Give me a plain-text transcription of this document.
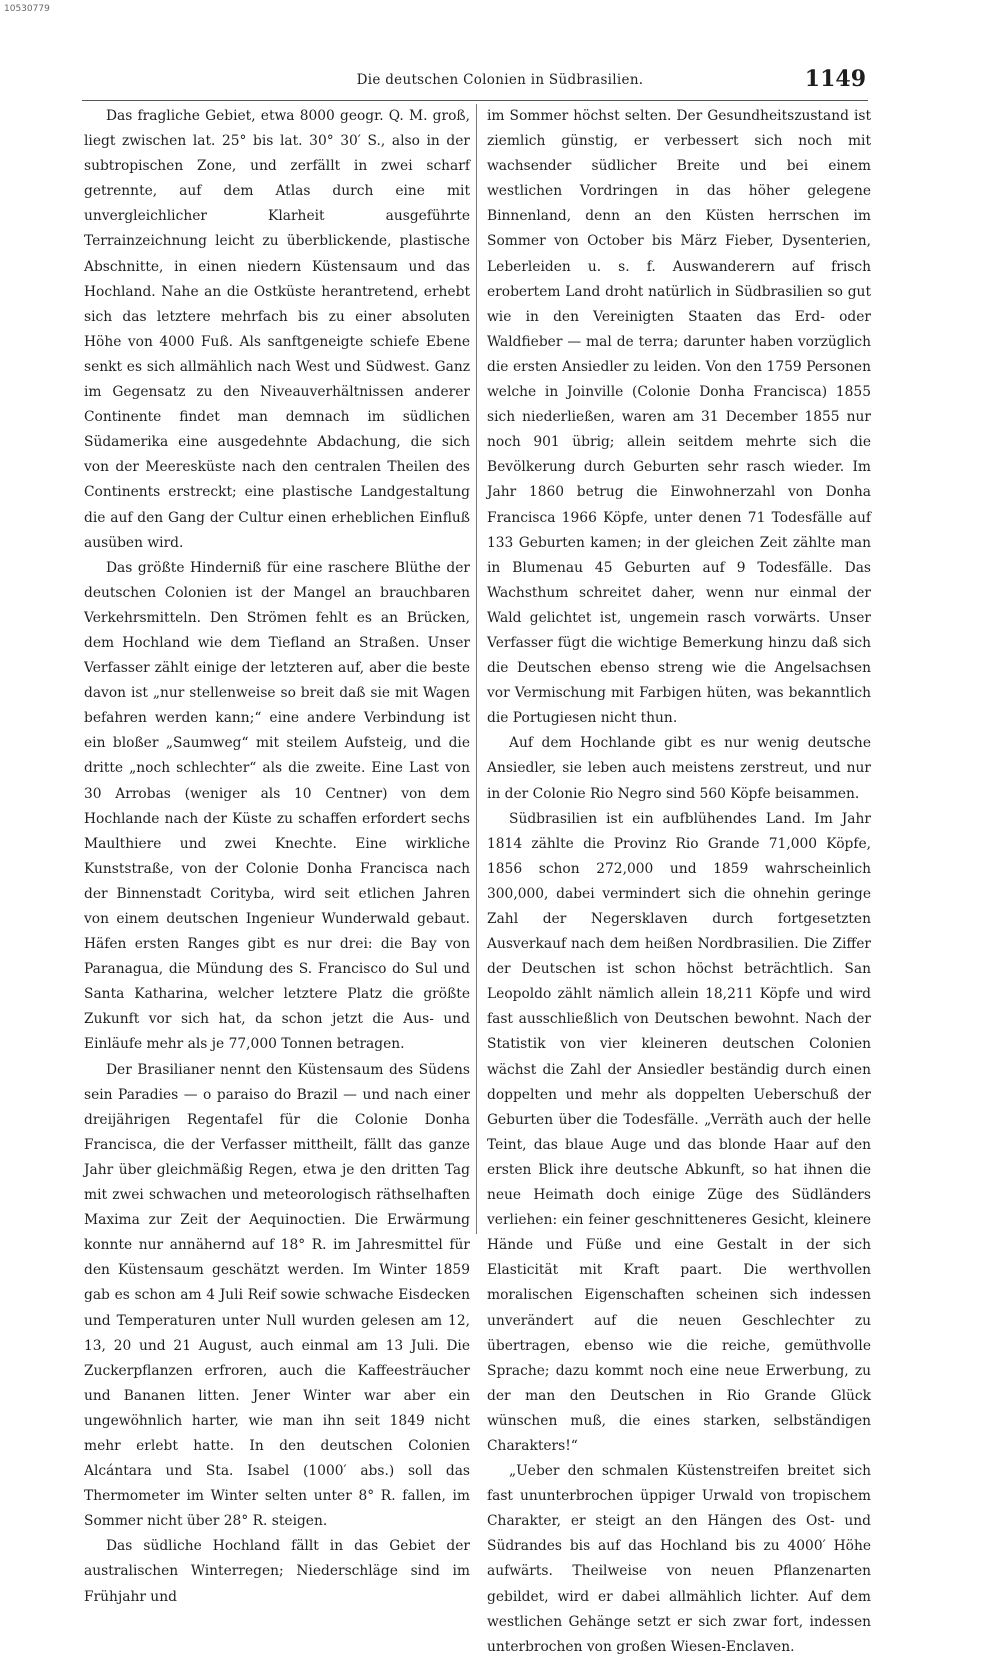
10530779
Die deutschen Colonien in Südbrasilien.	1149

Das fragliche Gebiet, etwa 8000 geogr. Q. M. groß, liegt zwischen lat. 25° bis lat. 30° 30′ S., also in der subtropischen Zone, und zerfällt in zwei scharf getrennte, auf dem Atlas durch eine mit unvergleichlicher Klarheit ausgeführte Terrainzeichnung leicht zu überblickende, plastische Abschnitte, in einen niedern Küstensaum und das Hochland. Nahe an die Ostküste herantretend, erhebt sich das letztere mehrfach bis zu einer absoluten Höhe von 4000 Fuß. Als sanftgeneigte schiefe Ebene senkt es sich allmählich nach West und Südwest. Ganz im Gegensatz zu den Niveauverhältnissen anderer Continente findet man demnach im südlichen Südamerika eine ausgedehnte Abdachung, die sich von der Meeresküste nach den centralen Theilen des Continents erstreckt; eine plastische Landgestaltung die auf den Gang der Cultur einen erheblichen Einfluß ausüben wird.

Das größte Hinderniß für eine raschere Blüthe der deutschen Colonien ist der Mangel an brauchbaren Verkehrsmitteln. Den Strömen fehlt es an Brücken, dem Hochland wie dem Tiefland an Straßen. Unser Verfasser zählt einige der letzteren auf, aber die beste davon ist „nur stellenweise so breit daß sie mit Wagen befahren werden kann;“ eine andere Verbindung ist ein bloßer „Saumweg“ mit steilem Aufsteig, und die dritte „noch schlechter“ als die zweite. Eine Last von 30 Arrobas (weniger als 10 Centner) von dem Hochlande nach der Küste zu schaffen erfordert sechs Maulthiere und zwei Knechte. Eine wirkliche Kunststraße, von der Colonie Donha Francisca nach der Binnenstadt Corityba, wird seit etlichen Jahren von einem deutschen Ingenieur Wunderwald gebaut. Häfen ersten Ranges gibt es nur drei: die Bay von Paranagua, die Mündung des S. Francisco do Sul und Santa Katharina, welcher letztere Platz die größte Zukunft vor sich hat, da schon jetzt die Aus- und Einläufe mehr als je 77,000 Tonnen betragen.

Der Brasilianer nennt den Küstensaum des Südens sein Paradies — o paraiso do Brazil — und nach einer dreijährigen Regentafel für die Colonie Donha Francisca, die der Verfasser mittheilt, fällt das ganze Jahr über gleichmäßig Regen, etwa je den dritten Tag mit zwei schwachen und meteorologisch räthselhaften Maxima zur Zeit der Aequinoctien. Die Erwärmung konnte nur annähernd auf 18° R. im Jahresmittel für den Küstensaum geschätzt werden. Im Winter 1859 gab es schon am 4 Juli Reif sowie schwache Eisdecken und Temperaturen unter Null wurden gelesen am 12, 13, 20 und 21 August, auch einmal am 13 Juli. Die Zuckerpflanzen erfroren, auch die Kaffeesträucher und Bananen litten. Jener Winter war aber ein ungewöhnlich harter, wie man ihn seit 1849 nicht mehr erlebt hatte. In den deutschen Colonien Alcántara und Sta. Isabel (1000′ abs.) soll das Thermometer im Winter selten unter 8° R. fallen, im Sommer nicht über 28° R. steigen.

Das südliche Hochland fällt in das Gebiet der australischen Winterregen; Niederschläge sind im Frühjahr und

im Sommer höchst selten. Der Gesundheitszustand ist ziemlich günstig, er verbessert sich noch mit wachsender südlicher Breite und bei einem westlichen Vordringen in das höher gelegene Binnenland, denn an den Küsten herrschen im Sommer von October bis März Fieber, Dysenterien, Leberleiden u. s. f. Auswanderern auf frisch erobertem Land droht natürlich in Südbrasilien so gut wie in den Vereinigten Staaten das Erd- oder Waldfieber — mal de terra; darunter haben vorzüglich die ersten Ansiedler zu leiden. Von den 1759 Personen welche in Joinville (Colonie Donha Francisca) 1855 sich niederließen, waren am 31 December 1855 nur noch 901 übrig; allein seitdem mehrte sich die Bevölkerung durch Geburten sehr rasch wieder. Im Jahr 1860 betrug die Einwohnerzahl von Donha Francisca 1966 Köpfe, unter denen 71 Todesfälle auf 133 Geburten kamen; in der gleichen Zeit zählte man in Blumenau 45 Geburten auf 9 Todesfälle. Das Wachsthum schreitet daher, wenn nur einmal der Wald gelichtet ist, ungemein rasch vorwärts. Unser Verfasser fügt die wichtige Bemerkung hinzu daß sich die Deutschen ebenso streng wie die Angelsachsen vor Vermischung mit Farbigen hüten, was bekanntlich die Portugiesen nicht thun.

Auf dem Hochlande gibt es nur wenig deutsche Ansiedler, sie leben auch meistens zerstreut, und nur in der Colonie Rio Negro sind 560 Köpfe beisammen.

Südbrasilien ist ein aufblühendes Land. Im Jahr 1814 zählte die Provinz Rio Grande 71,000 Köpfe, 1856 schon 272,000 und 1859 wahrscheinlich 300,000, dabei vermindert sich die ohnehin geringe Zahl der Negersklaven durch fortgesetzten Ausverkauf nach dem heißen Nordbrasilien. Die Ziffer der Deutschen ist schon höchst beträchtlich. San Leopoldo zählt nämlich allein 18,211 Köpfe und wird fast ausschließlich von Deutschen bewohnt. Nach der Statistik von vier kleineren deutschen Colonien wächst die Zahl der Ansiedler beständig durch einen doppelten und mehr als doppelten Ueberschuß der Geburten über die Todesfälle. „Verräth auch der helle Teint, das blaue Auge und das blonde Haar auf den ersten Blick ihre deutsche Abkunft, so hat ihnen die neue Heimath doch einige Züge des Südländers verliehen: ein feiner geschnitteneres Gesicht, kleinere Hände und Füße und eine Gestalt in der sich Elasticität mit Kraft paart. Die werthvollen moralischen Eigenschaften scheinen sich indessen unverändert auf die neuen Geschlechter zu übertragen, ebenso wie die reiche, gemüthvolle Sprache; dazu kommt noch eine neue Erwerbung, zu der man den Deutschen in Rio Grande Glück wünschen muß, die eines starken, selbständigen Charakters!“

„Ueber den schmalen Küstenstreifen breitet sich fast ununterbrochen üppiger Urwald von tropischem Charakter, er steigt an den Hängen des Ost- und Südrandes bis auf das Hochland bis zu 4000′ Höhe aufwärts. Theilweise von neuen Pflanzenarten gebildet, wird er dabei allmählich lichter. Auf dem westlichen Gehänge setzt er sich zwar fort, indessen unterbrochen von großen Wiesen-Enclaven.
